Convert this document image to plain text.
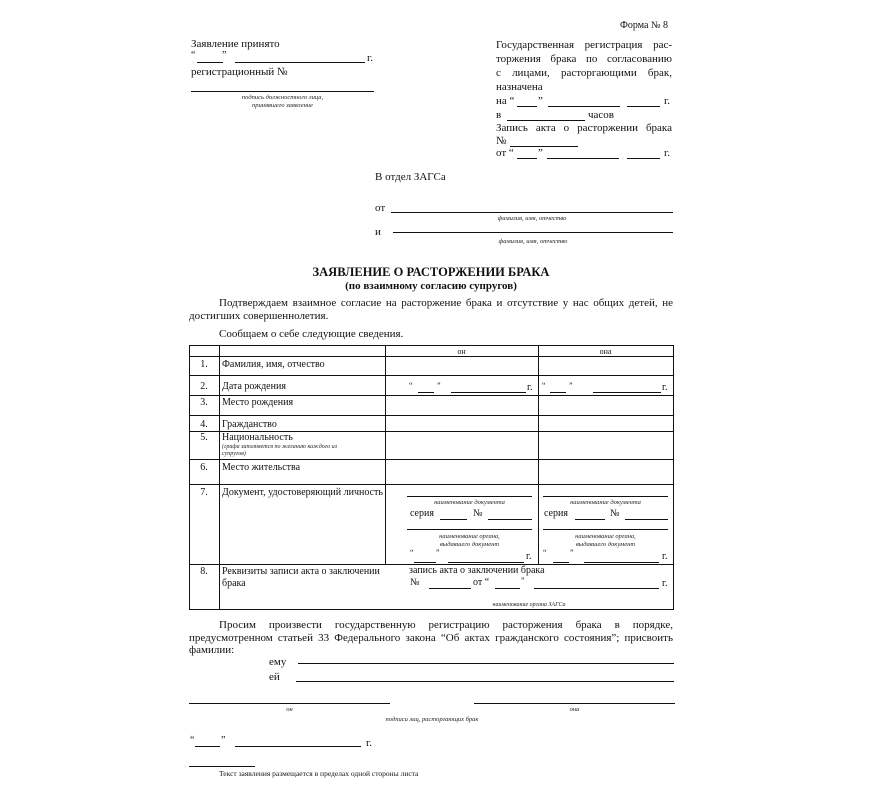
Форма № 8
Заявление принято
“	”	г.
регистрационный №
подпись должностного лица,
принявшего заявление
Государственная регистрация рас-
торжения брака по согласованию
с лицами, расторгающими брак,
назначена
на “ ”	г.
в	часов
Запись акта о расторжении брака
№
от “ ”	г.
В отдел ЗАГСа
от
фамилия, имя, отчество
и
фамилия, имя, отчество
ЗАЯВЛЕНИЕ О РАСТОРЖЕНИИ БРАКА
(по взаимному согласию супругов)
Подтверждаем взаимное согласие на расторжение брака и отсутствие у нас общих детей, не
достигших совершеннолетия.
Сообщаем о себе следующие сведения.
он	она
1.	Фамилия, имя, отчество
2.	Дата рождения	“	”	г. “	”	г.
3.	Место рождения
4.	Гражданство
5.	Национальность
(графа заполняется по желанию каждого из
супругов)
6.	Место жительства
7.	Документ, удостоверяющий личность
наименование документа
серия	№
наименование органа,
выдавшего документ
“	”	г.
наименование документа
серия	№
наименование органа,
выдавшего документ
“	”	г.
8.	Реквизиты записи акта о заключении
брака
запись акта о заключении брака
№	от “	”	г.
наименование органа ЗАГСа
Просим произвести государственную регистрацию расторжения брака в порядке,
предусмотренном статьей 33 Федерального закона “Об актах гражданского состояния”; присвоить
фамилии:
ему
ей
он	она
подписи лиц, расторгающих брак
“	”	г.
Текст заявления размещается в пределах одной стороны листа
